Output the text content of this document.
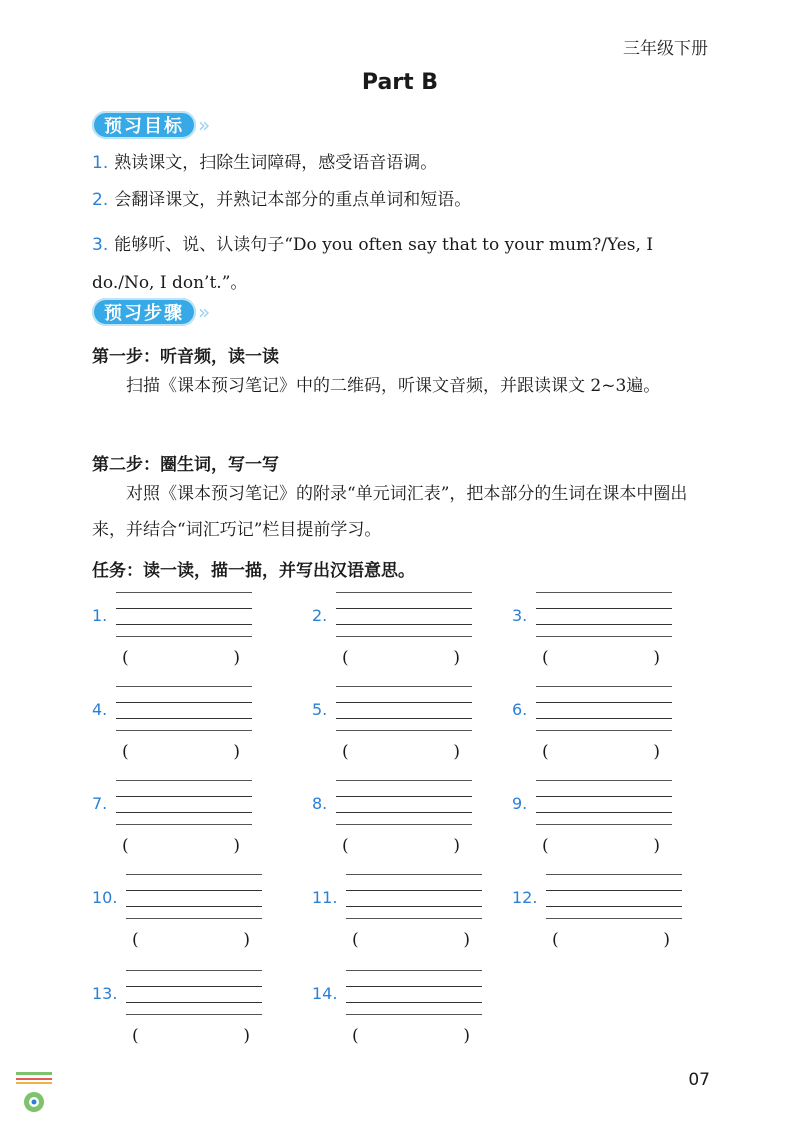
三年级下册
Part B
预习目标 »
1. 熟读课文，扫除生词障碍，感受语音语调。
2. 会翻译课文，并熟记本部分的重点单词和短语。
3. 能够听、说、认读句子“Do you often say that to your mum?/Yes, I do./No, I don’t.”。
预习步骤 »
第一步：听音频，读一读
扫描《课本预习笔记》中的二维码，听课文音频，并跟读课文 2~3遍。
第二步：圈生词，写一写
对照《课本预习笔记》的附录“单元词汇表”，把本部分的生词在课本中圈出来，并结合“词汇巧记”栏目提前学习。
任务：读一读，描一描，并写出汉语意思。
1.
(	)
2.
(	)
3.
(	)
4.
(	)
5.
(	)
6.
(	)
7.
(	)
8.
(	)
9.
(	)
10.
(	)
11.
(	)
12.
(	)
13.
(	)
14.
(	)
07
